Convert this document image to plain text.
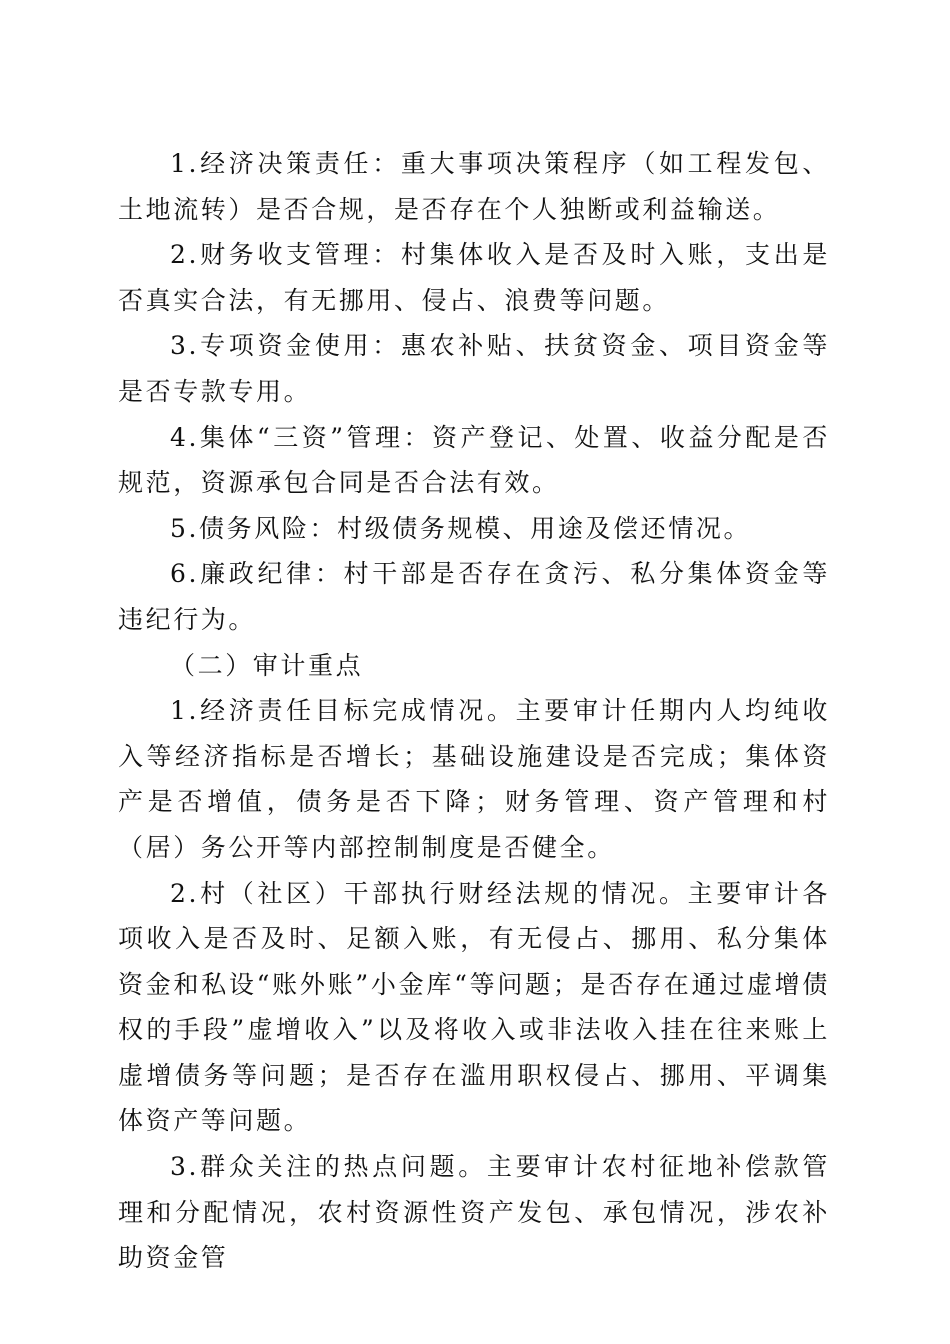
1.经济决策责任：重大事项决策程序（如工程发包、土地流转）是否合规，是否存在个人独断或利益输送。

2.财务收支管理：村集体收入是否及时入账，支出是否真实合法，有无挪用、侵占、浪费等问题。

3.专项资金使用：惠农补贴、扶贫资金、项目资金等是否专款专用。

4.集体“三资”管理：资产登记、处置、收益分配是否规范，资源承包合同是否合法有效。

5.债务风险：村级债务规模、用途及偿还情况。

6.廉政纪律：村干部是否存在贪污、私分集体资金等违纪行为。

（二）审计重点

1.经济责任目标完成情况。主要审计任期内人均纯收入等经济指标是否增长；基础设施建设是否完成；集体资产是否增值，债务是否下降；财务管理、资产管理和村（居）务公开等内部控制制度是否健全。

2.村（社区）干部执行财经法规的情况。主要审计各项收入是否及时、足额入账，有无侵占、挪用、私分集体资金和私设“账外账”小金库“等问题；是否存在通过虚增债权的手段”虚增收入”以及将收入或非法收入挂在往来账上虚增债务等问题；是否存在滥用职权侵占、挪用、平调集体资产等问题。

3.群众关注的热点问题。主要审计农村征地补偿款管理和分配情况，农村资源性资产发包、承包情况，涉农补助资金管
